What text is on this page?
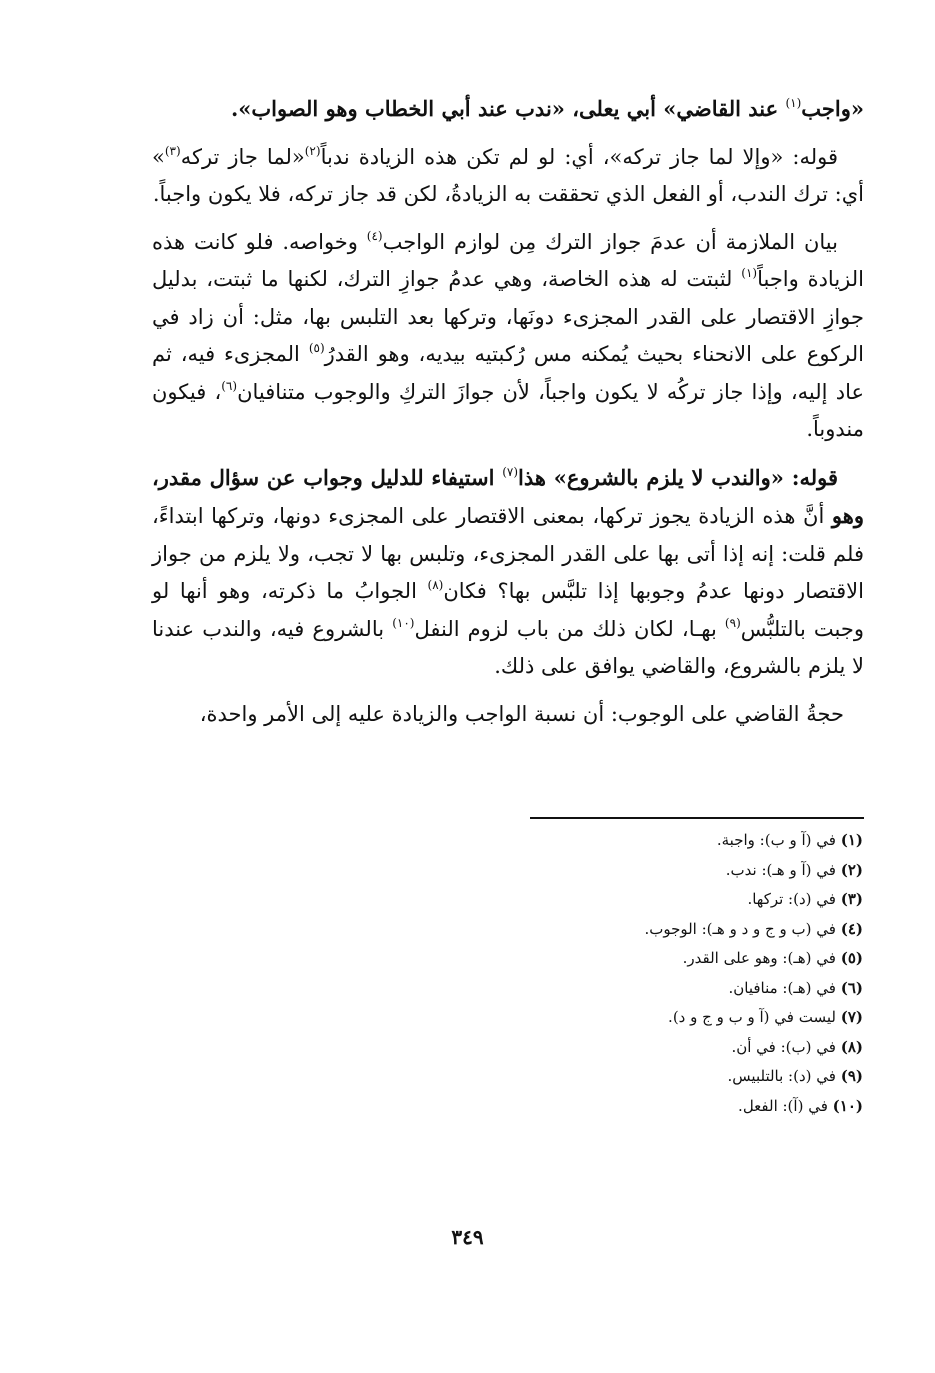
«واجب$^{(١)}$ عند القاضي» أبي يعلى، «ندب عند أبي الخطاب وهو الصواب».

قوله: «وإلا لما جاز تركه»، أي: لو لم تكن هذه الزيادة ندباً$^{(٢)}$«لما جاز تركه$^{(٣)}$» أي: ترك الندب، أو الفعل الذي تحققت به الزيادةُ، لكن قد جاز تركه، فلا يكون واجباً.

بيان الملازمة أن عدمَ جواز الترك مِن لوازم الواجب$^{(٤)}$ وخواصه. فلو كانت هذه الزيادة واجباً$^{(١)}$ لثبتت له هذه الخاصة، وهي عدمُ جوازِ الترك، لكنها ما ثبتت، بدليل جوازِ الاقتصار على القدر المجزىء دونَها، وتركها بعد التلبس بها، مثل: أن زاد في الركوع على الانحناء بحيث يُمكنه مس رُكبتيه بيديه، وهو القدرُ$^{(٥)}$ المجزىء فيه، ثم عاد إليه، وإذا جاز تركُه لا يكون واجباً، لأن جوازَ التركِ والوجوب متنافيان$^{(٦)}$، فيكون مندوباً.

قوله: «والندب لا يلزم بالشروع» هذا$^{(٧)}$ استيفاء للدليل وجواب عن سؤال مقدر، وهو أنَّ هذه الزيادة يجوز تركها، بمعنى الاقتصار على المجزىء دونها، وتركها ابتداءً، فلم قلت: إنه إذا أتى بها على القدر المجزىء، وتلبس بها لا تجب، ولا يلزم من جواز الاقتصار دونها عدمُ وجوبها إذا تلبَّس بها؟ فكان$^{(٨)}$ الجوابُ ما ذكرته، وهو أنها لو وجبت بالتلبُّس$^{(٩)}$ بهـا، لكان ذلك من باب لزوم النفل$^{(١٠)}$ بالشروع فيه، والندب عندنا لا يلزم بالشروع، والقاضي يوافق على ذلك.

حجةُ القاضي على الوجوب: أن نسبة الواجب والزيادة عليه إلى الأمر واحدة،

(١) في (آ و ب): واجبة.
(٢) في (آ و هـ): ندب.
(٣) في (د): تركها.
(٤) في (ب و ج و د و هـ): الوجوب.
(٥) في (هـ): وهو على القدر.
(٦) في (هـ): منافيان.
(٧) ليست في (آ و ب و ج و د).
(٨) في (ب): في أن.
(٩) في (د): بالتلبيس.
(١٠) في (آ): الفعل.
٣٤٩
